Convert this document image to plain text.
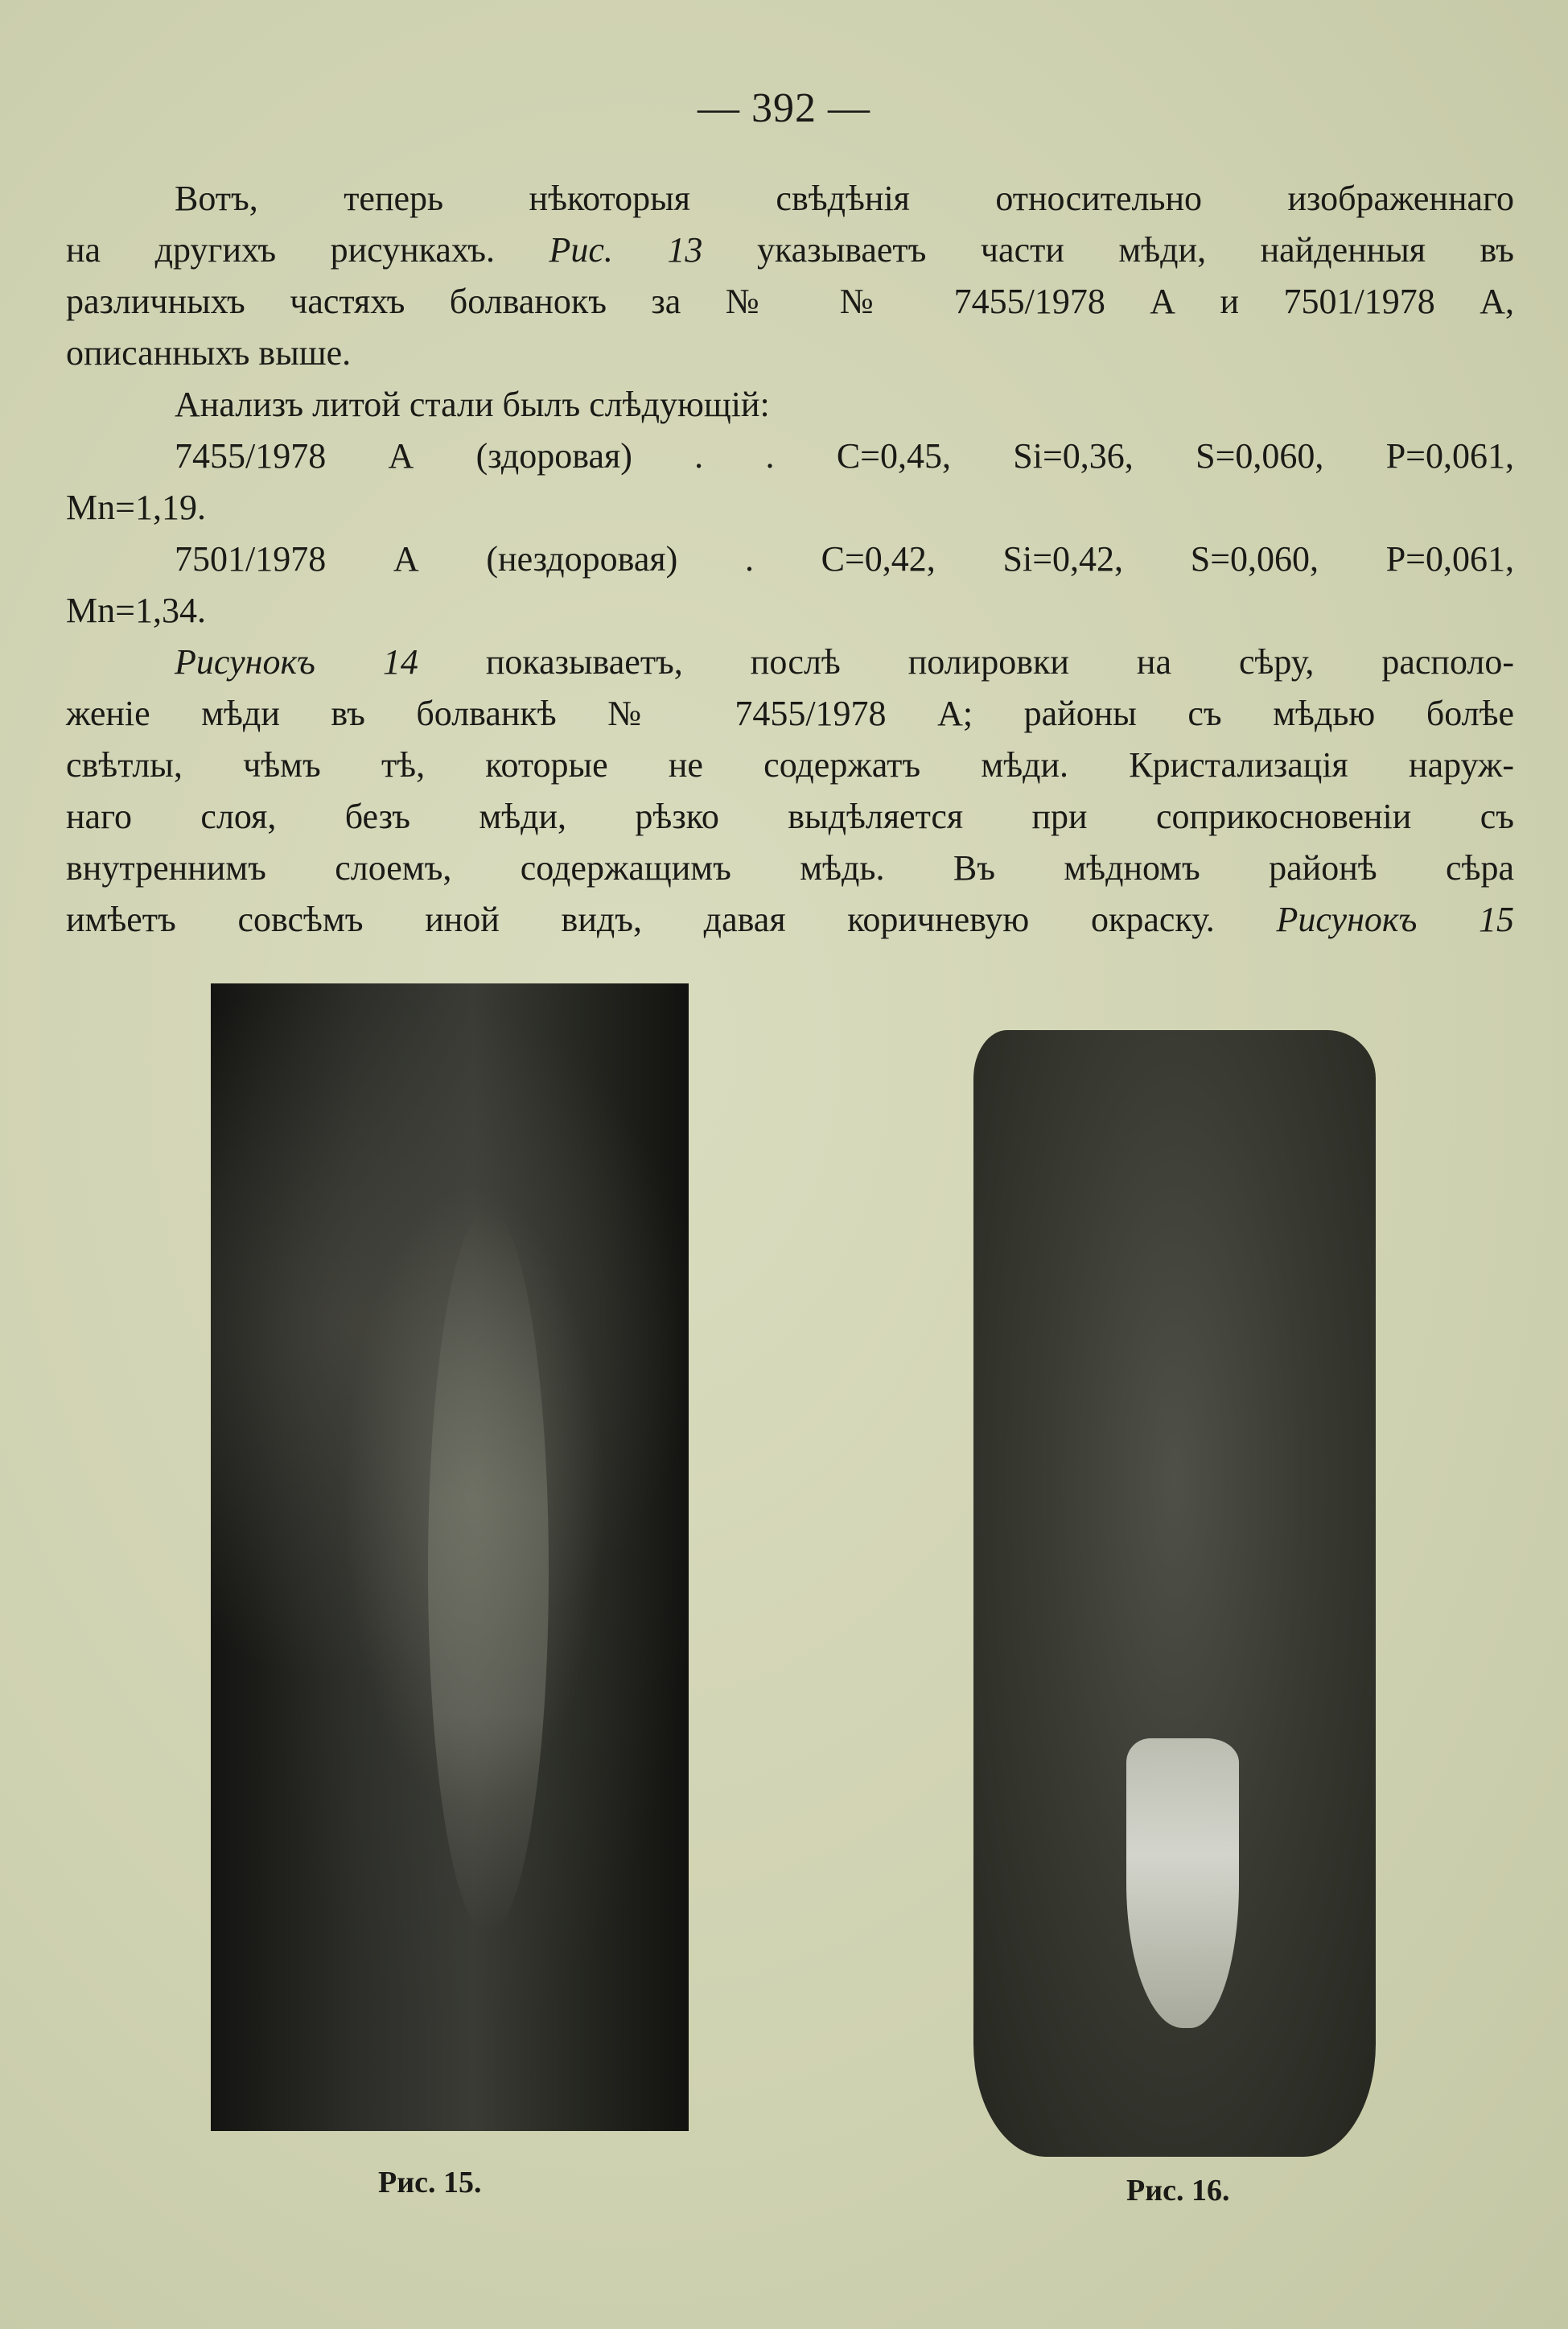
— 392 —
Вотъ, теперь нѣкоторыя свѣдѣнія относительно изображеннаго
на другихъ рисункахъ. Рис. 13 указываетъ части мѣди, найденныя въ
различныхъ частяхъ болванокъ за № № 7455/1978 А и 7501/1978 А,
описанныхъ выше.
Анализъ литой стали былъ слѣдующій:
7455/1978 А (здоровая) . . С=0,45, Si=0,36, S=0,060, P=0,061,
Mn=1,19.
7501/1978 А (нездоровая) . С=0,42, Si=0,42, S=0,060, P=0,061,
Mn=1,34.
Рисунокъ 14 показываетъ, послѣ полировки на сѣру, располо-
женіе мѣди въ болванкѣ № 7455/1978 А; районы съ мѣдью болѣе
свѣтлы, чѣмъ тѣ, которые не содержатъ мѣди. Кристализація наруж-
наго слоя, безъ мѣди, рѣзко выдѣляется при соприкосновеніи съ
внутреннимъ слоемъ, содержащимъ мѣдь. Въ мѣдномъ районѣ сѣра
имѣетъ совсѣмъ иной видъ, давая коричневую окраску. Рисунокъ 15
Рис. 15.	Рис. 16.
